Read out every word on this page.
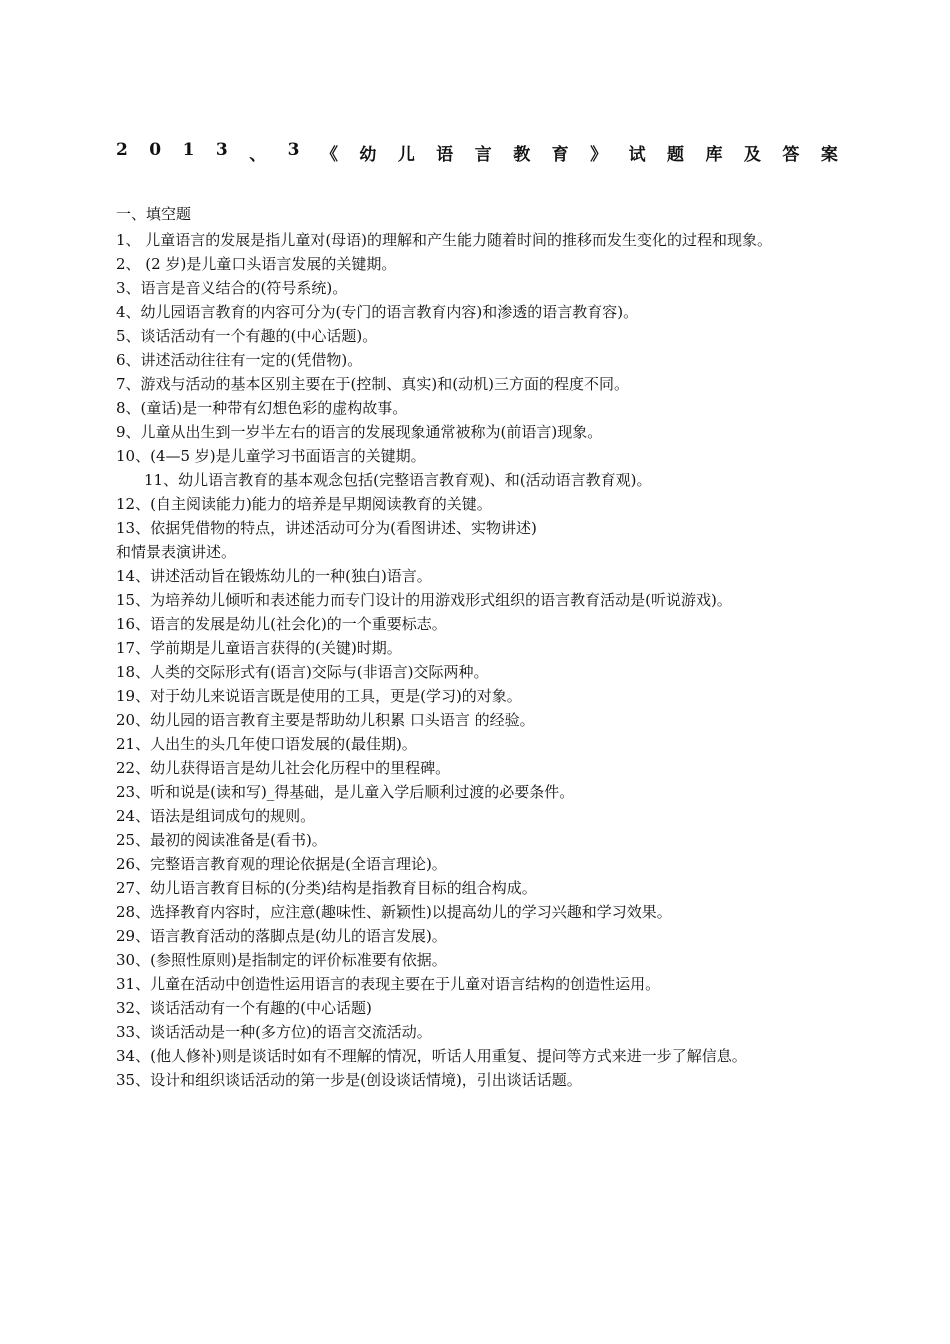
2 0 1 3 、 3 《 幼 儿 语 言 教 育 》 试 题 库 及 答 案
一、填空题
1、 儿童语言的发展是指儿童对(母语)的理解和产生能力随着时间的推移而发生变化的过程和现象。
2、 (2 岁)是儿童口头语言发展的关键期。
3、语言是音义结合的(符号系统)。
4、幼儿园语言教育的内容可分为(专门的语言教育内容)和渗透的语言教育容)。
5、谈话活动有一个有趣的(中心话题)。
6、讲述活动往往有一定的(凭借物)。
7、游戏与活动的基本区别主要在于(控制、真实)和(动机)三方面的程度不同。
8、(童话)是一种带有幻想色彩的虚构故事。
9、儿童从出生到一岁半左右的语言的发展现象通常被称为(前语言)现象。
10、(4—5 岁)是儿童学习书面语言的关键期。
11、幼儿语言教育的基本观念包括(完整语言教育观)、和(活动语言教育观)。
12、(自主阅读能力)能力的培养是早期阅读教育的关键。
13、依据凭借物的特点，讲述活动可分为(看图讲述、实物讲述)
和情景表演讲述。
14、讲述活动旨在锻炼幼儿的一种(独白)语言。
15、为培养幼儿倾听和表述能力而专门设计的用游戏形式组织的语言教育活动是(听说游戏)。
16、语言的发展是幼儿(社会化)的一个重要标志。
17、学前期是儿童语言获得的(关键)时期。
18、人类的交际形式有(语言)交际与(非语言)交际两种。
19、对于幼儿来说语言既是使用的工具，更是(学习)的对象。
20、幼儿园的语言教育主要是帮助幼儿积累 口头语言 的经验。
21、人出生的头几年使口语发展的(最佳期)。
22、幼儿获得语言是幼儿社会化历程中的里程碑。
23、听和说是(读和写)_得基础，是儿童入学后顺利过渡的必要条件。
24、语法是组词成句的规则。
25、最初的阅读准备是(看书)。
26、完整语言教育观的理论依据是(全语言理论)。
27、幼儿语言教育目标的(分类)结构是指教育目标的组合构成。
28、选择教育内容时，应注意(趣味性、新颖性)以提高幼儿的学习兴趣和学习效果。
29、语言教育活动的落脚点是(幼儿的语言发展)。
30、(参照性原则)是指制定的评价标准要有依据。
31、儿童在活动中创造性运用语言的表现主要在于儿童对语言结构的创造性运用。
32、谈话活动有一个有趣的(中心话题)
33、谈话活动是一种(多方位)的语言交流活动。
34、(他人修补)则是谈话时如有不理解的情况，听话人用重复、提问等方式来进一步了解信息。
35、设计和组织谈话活动的第一步是(创设谈话情境)，引出谈话话题。
